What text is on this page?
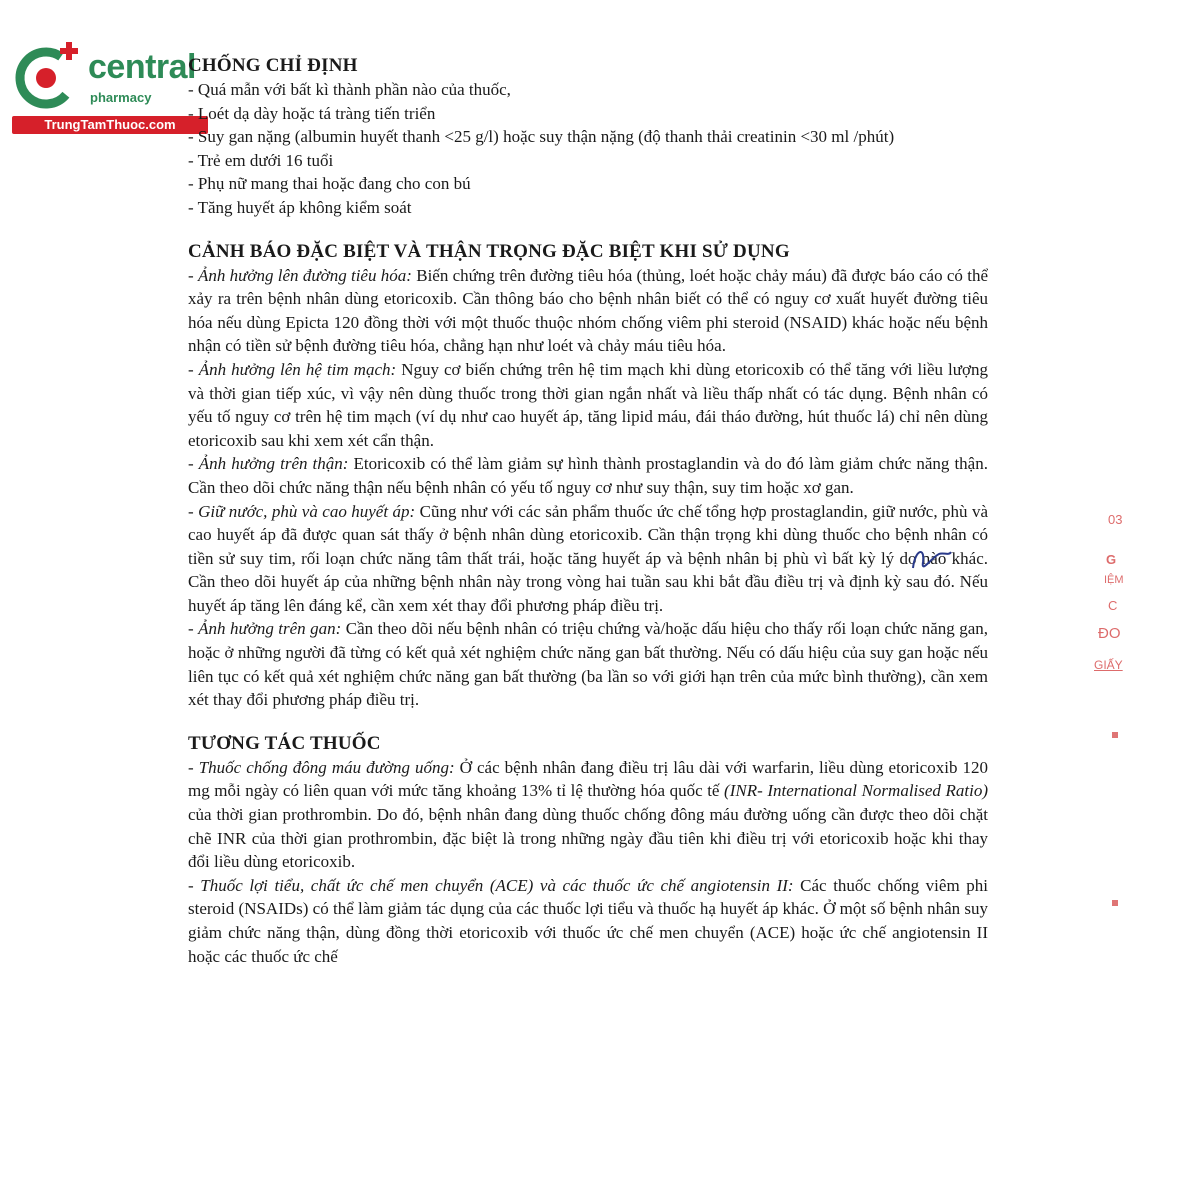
central
pharmacy
TrungTamThuoc.com
CHỐNG CHỈ ĐỊNH

- Quá mẫn với bất kì thành phần nào của thuốc,

- Loét dạ dày hoặc tá tràng tiến triển

- Suy gan nặng (albumin huyết thanh <25 g/l) hoặc suy thận nặng (độ thanh thải creatinin <30 ml /phút)

- Trẻ em dưới 16 tuổi

- Phụ nữ mang thai hoặc đang cho con bú

- Tăng huyết áp không kiểm soát

CẢNH BÁO ĐẶC BIỆT VÀ THẬN TRỌNG ĐẶC BIỆT KHI SỬ DỤNG

- Ảnh hưởng lên đường tiêu hóa: Biến chứng trên đường tiêu hóa (thủng, loét hoặc chảy máu) đã được báo cáo có thể xảy ra trên bệnh nhân dùng etoricoxib. Cần thông báo cho bệnh nhân biết có thể có nguy cơ xuất huyết đường tiêu hóa nếu dùng Epicta 120 đồng thời với một thuốc thuộc nhóm chống viêm phi steroid (NSAID) khác hoặc nếu bệnh nhận có tiền sử bệnh đường tiêu hóa, chẳng hạn như loét và chảy máu tiêu hóa.

- Ảnh hưởng lên hệ tim mạch: Nguy cơ biến chứng trên hệ tim mạch khi dùng etoricoxib có thể tăng với liều lượng và thời gian tiếp xúc, vì vậy nên dùng thuốc trong thời gian ngắn nhất và liều thấp nhất có tác dụng. Bệnh nhân có yếu tố nguy cơ trên hệ tim mạch (ví dụ như cao huyết áp, tăng lipid máu, đái tháo đường, hút thuốc lá) chỉ nên dùng etoricoxib sau khi xem xét cẩn thận.

- Ảnh hưởng trên thận: Etoricoxib có thể làm giảm sự hình thành prostaglandin và do đó làm giảm chức năng thận. Cần theo dõi chức năng thận nếu bệnh nhân có yếu tố nguy cơ như suy thận, suy tim hoặc xơ gan.

- Giữ nước, phù và cao huyết áp: Cũng như với các sản phẩm thuốc ức chế tổng hợp prostaglandin, giữ nước, phù và cao huyết áp đã được quan sát thấy ở bệnh nhân dùng etoricoxib. Cần thận trọng khi dùng thuốc cho bệnh nhân có tiền sử suy tim, rối loạn chức năng tâm thất trái, hoặc tăng huyết áp và bệnh nhân bị phù vì bất kỳ lý do nào khác. Cần theo dõi huyết áp của những bệnh nhân này trong vòng hai tuần sau khi bắt đầu điều trị và định kỳ sau đó. Nếu huyết áp tăng lên đáng kể, cần xem xét thay đổi phương pháp điều trị.

- Ảnh hưởng trên gan: Cần theo dõi nếu bệnh nhân có triệu chứng và/hoặc dấu hiệu cho thấy rối loạn chức năng gan, hoặc ở những người đã từng có kết quả xét nghiệm chức năng gan bất thường. Nếu có dấu hiệu của suy gan hoặc nếu liên tục có kết quả xét nghiệm chức năng gan bất thường (ba lần so với giới hạn trên của mức bình thường), cần xem xét thay đổi phương pháp điều trị.

TƯƠNG TÁC THUỐC

- Thuốc chống đông máu đường uống: Ở các bệnh nhân đang điều trị lâu dài với warfarin, liều dùng etoricoxib 120 mg mỗi ngày có liên quan với mức tăng khoảng 13% tỉ lệ thường hóa quốc tế (INR- International Normalised Ratio) của thời gian prothrombin. Do đó, bệnh nhân đang dùng thuốc chống đông máu đường uống cần được theo dõi chặt chẽ INR của thời gian prothrombin, đặc biệt là trong những ngày đầu tiên khi điều trị với etoricoxib hoặc khi thay đổi liều dùng etoricoxib.

- Thuốc lợi tiểu, chất ức chế men chuyển (ACE) và các thuốc ức chế angiotensin II: Các thuốc chống viêm phi steroid (NSAIDs) có thể làm giảm tác dụng của các thuốc lợi tiểu và thuốc hạ huyết áp khác. Ở một số bệnh nhân suy giảm chức năng thận, dùng đồng thời etoricoxib với thuốc ức chế men chuyển (ACE) hoặc ức chế angiotensin II hoặc các thuốc ức chế

03
G
IỆM
C
ĐO
GIẤY
